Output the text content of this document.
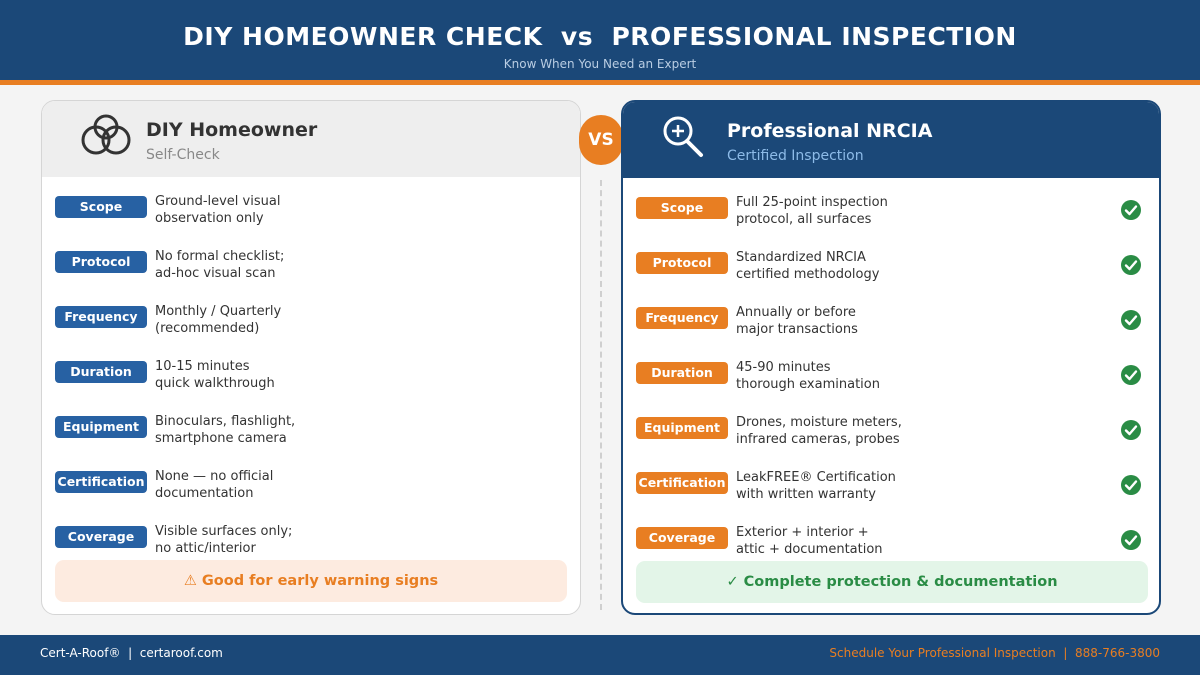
DIY HOMEOWNER CHECK  vs  PROFESSIONAL INSPECTION
Know When You Need an Expert
DIY Homeowner
Self-Check
Scope	Ground-level visual
observation only
Protocol	No formal checklist;
ad-hoc visual scan
Frequency	Monthly / Quarterly
(recommended)
Duration	10-15 minutes
quick walkthrough
Equipment	Binoculars, flashlight,
smartphone camera
Certification None — no official
documentation
Coverage	Visible surfaces only;
no attic/interior
⚠ Good for early warning signs
VS	Professional NRCIA
Certified Inspection
Scope	Full 25-point inspection
protocol, all surfaces
Protocol	Standardized NRCIA
certified methodology
Frequency	Annually or before
major transactions
Duration	45-90 minutes
thorough examination
Equipment	Drones, moisture meters,
infrared cameras, probes
Certification LeakFREE® Certification
with written warranty
Coverage	Exterior + interior +
attic + documentation
✓ Complete protection & documentation
Cert-A-Roof®  |  certaroof.com	Schedule Your Professional Inspection  |  888-766-3800
